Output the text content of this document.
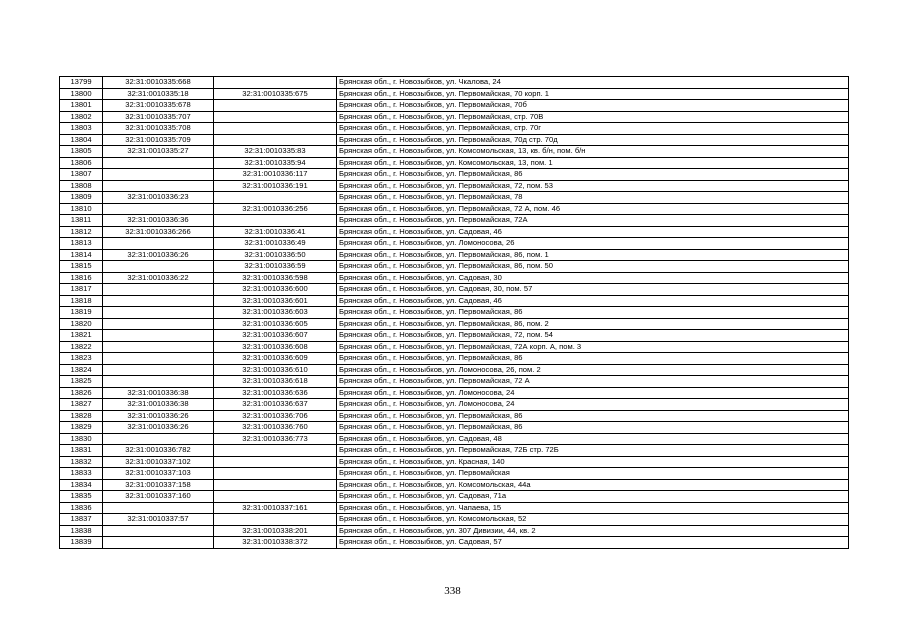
13799	32:31:0010335:668		Брянская обл., г. Новозыбков, ул. Чкалова, 24
13800	32:31:0010335:18	32:31:0010335:675	Брянская обл., г. Новозыбков, ул. Первомайская, 70 корп. 1
13801	32:31:0010335:678		Брянская обл., г. Новозыбков, ул. Первомайская, 70б
13802	32:31:0010335:707		Брянская обл., г. Новозыбков, ул. Первомайская, стр. 70В
13803	32:31:0010335:708		Брянская обл., г. Новозыбков, ул. Первомайская, стр. 70г
13804	32:31:0010335:709		Брянская обл., г. Новозыбков, ул. Первомайская, 70д стр. 70д
13805	32:31:0010335:27	32:31:0010335:83	Брянская обл., г. Новозыбков, ул. Комсомольская, 13, кв. б/н, пом. б/н
13806		32:31:0010335:94	Брянская обл., г. Новозыбков, ул. Комсомольская, 13, пом. 1
13807		32:31:0010336:117	Брянская обл., г. Новозыбков, ул. Первомайская, 86
13808		32:31:0010336:191	Брянская обл., г. Новозыбков, ул. Первомайская, 72, пом. 53
13809	32:31:0010336:23		Брянская обл., г. Новозыбков, ул. Первомайская, 78
13810		32:31:0010336:256	Брянская обл., г. Новозыбков, ул. Первомайская, 72 А, пом. 46
13811	32:31:0010336:36		Брянская обл., г. Новозыбков, ул. Первомайская, 72А
13812	32:31:0010336:266	32:31:0010336:41	Брянская обл., г. Новозыбков, ул. Садовая, 46
13813		32:31:0010336:49	Брянская обл., г. Новозыбков, ул. Ломоносова, 26
13814	32:31:0010336:26	32:31:0010336:50	Брянская обл., г. Новозыбков, ул. Первомайская, 86, пом. 1
13815		32:31:0010336:59	Брянская обл., г. Новозыбков, ул. Первомайская, 86, пом. 50
13816	32:31:0010336:22	32:31:0010336:598	Брянская обл., г. Новозыбков, ул. Садовая, 30
13817		32:31:0010336:600	Брянская обл., г. Новозыбков, ул. Садовая, 30, пом. 57
13818		32:31:0010336:601	Брянская обл., г. Новозыбков, ул. Садовая, 46
13819		32:31:0010336:603	Брянская обл., г. Новозыбков, ул. Первомайская, 86
13820		32:31:0010336:605	Брянская обл., г. Новозыбков, ул. Первомайская, 86, пом. 2
13821		32:31:0010336:607	Брянская обл., г. Новозыбков, ул. Первомайская, 72, пом. 54
13822		32:31:0010336:608	Брянская обл., г. Новозыбков, ул. Первомайская, 72А корп. А, пом. 3
13823		32:31:0010336:609	Брянская обл., г. Новозыбков, ул. Первомайская, 86
13824		32:31:0010336:610	Брянская обл., г. Новозыбков, ул. Ломоносова, 26, пом. 2
13825		32:31:0010336:618	Брянская обл., г. Новозыбков, ул. Первомайская, 72 А
13826	32:31:0010336:38	32:31:0010336:636	Брянская обл., г. Новозыбков, ул. Ломоносова, 24
13827	32:31:0010336:38	32:31:0010336:637	Брянская обл., г. Новозыбков, ул. Ломоносова, 24
13828	32:31:0010336:26	32:31:0010336:706	Брянская обл., г. Новозыбков, ул. Первомайская, 86
13829	32:31:0010336:26	32:31:0010336:760	Брянская обл., г. Новозыбков, ул. Первомайская, 86
13830		32:31:0010336:773	Брянская обл., г. Новозыбков, ул. Садовая, 48
13831	32:31:0010336:782		Брянская обл., г. Новозыбков, ул. Первомайская, 72Б стр. 72Б
13832	32:31:0010337:102		Брянская обл., г. Новозыбков, ул. Красная, 140
13833	32:31:0010337:103		Брянская обл., г. Новозыбков, ул. Первомайская
13834	32:31:0010337:158		Брянская обл., г. Новозыбков, ул. Комсомольская, 44а
13835	32:31:0010337:160		Брянская обл., г. Новозыбков, ул. Садовая, 71а
13836		32:31:0010337:161	Брянская обл., г. Новозыбков, ул. Чапаева, 15
13837	32:31:0010337:57		Брянская обл., г. Новозыбков, ул. Комсомольская, 52
13838		32:31:0010338:201	Брянская обл., г. Новозыбков, ул. 307 Дивизии, 44, кв. 2
13839		32:31:0010338:372	Брянская обл., г. Новозыбков, ул. Садовая, 57
338
